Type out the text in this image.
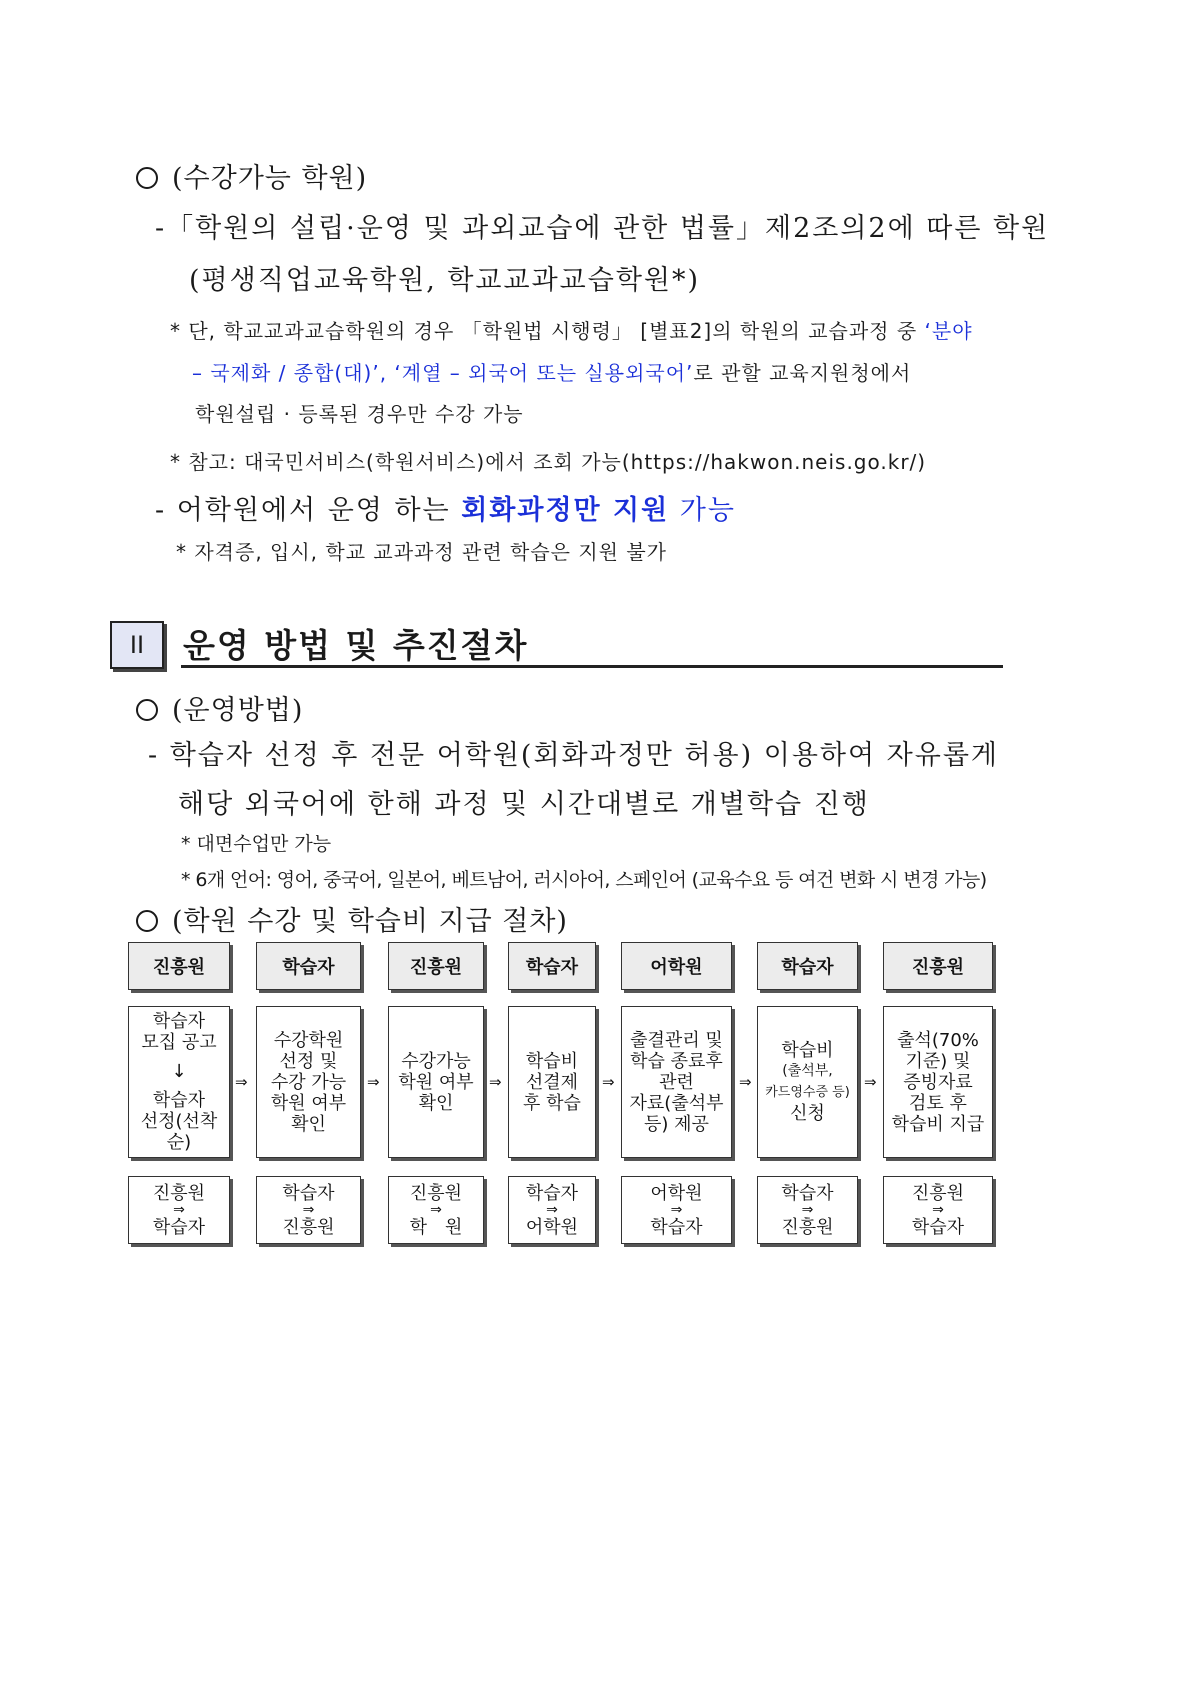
(수강가능 학원)
-「학원의 설립·운영 및 과외교습에 관한 법률」제2조의2에 따른 학원
(평생직업교육학원, 학교교과교습학원*)
* 단, 학교교과교습학원의 경우 「학원법 시행령」 [별표2]의 학원의 교습과정 중 ‘분야
– 국제화 / 종합(대)’, ‘계열 – 외국어 또는 실용외국어’로 관할 교육지원청에서
학원설립 · 등록된 경우만 수강 가능
* 참고: 대국민서비스(학원서비스)에서 조회 가능(https://hakwon.neis.go.kr/)
- 어학원에서 운영 하는 회화과정만 지원 가능
* 자격증, 입시, 학교 교과과정 관련 학습은 지원 불가
II	운영 방법 및 추진절차
(운영방법)
- 학습자 선정 후 전문 어학원(회화과정만 허용) 이용하여 자유롭게
해당 외국어에 한해 과정 및 시간대별로 개별학습 진행
* 대면수업만 가능
* 6개 언어: 영어, 중국어, 일본어, 베트남어, 러시아어, 스페인어 (교육수요 등 여건 변화 시 변경 가능)
(학원 수강 및 학습비 지급 절차)
진흥원
학습자
모집 공고
↓
학습자
선정(선착순)
진흥원
⇒
학습자
⇒
학습자
수강학원
선정 및
수강 가능
학원 여부
확인
학습자
⇒
진흥원
⇒
진흥원
수강가능
학원 여부
확인
진흥원
⇒
학　원
⇒
학습자
학습비
선결제
후 학습
학습자
⇒
어학원
⇒
어학원
출결관리 및
학습 종료후
관련
자료(출석부
등) 제공
어학원
⇒
학습자
⇒
학습자
학습비
(출석부,
카드영수증 등)
신청
학습자
⇒
진흥원
⇒
진흥원
출석(70%
기준) 및
증빙자료
검토 후
학습비 지급
진흥원
⇒
학습자
